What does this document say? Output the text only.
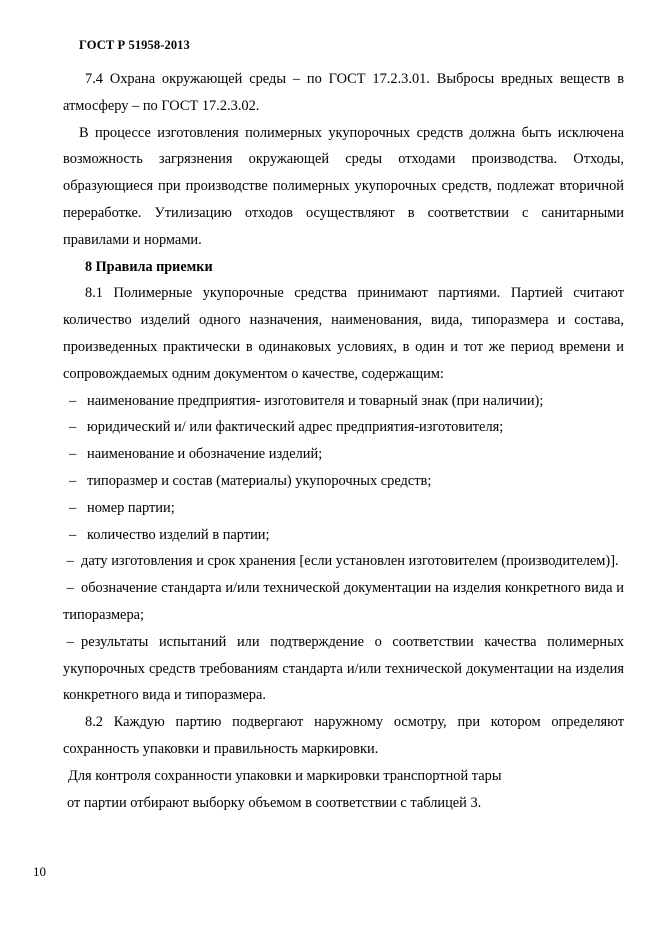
ГОСТ Р 51958-2013

7.4 Охрана окружающей среды – по ГОСТ 17.2.3.01. Выбросы вредных веществ в атмосферу – по ГОСТ 17.2.3.02.

В процессе изготовления полимерных укупорочных средств должна быть исключена возможность загрязнения окружающей среды отходами производства. Отходы, образующиеся при производстве полимерных укупорочных средств, подлежат вторичной переработке. Утилизацию отходов осуществляют в соответствии с санитарными правилами и нормами.

8 Правила приемки

8.1 Полимерные укупорочные средства принимают партиями. Партией считают количество изделий одного назначения, наименования, вида, типоразмера и состава, произведенных практически в одинаковых условиях, в один и тот же период времени и сопровождаемых одним документом о качестве, содержащим:

– наименование предприятия- изготовителя и товарный знак (при наличии);

– юридический и/ или фактический адрес предприятия-изготовителя;

– наименование и обозначение изделий;

– типоразмер и состав (материалы) укупорочных средств;

– номер партии;

– количество изделий в партии;

– дату изготовления и срок хранения [если установлен изготовителем (производителем)].

– обозначение стандарта и/или технической документации на изделия конкретного вида и типоразмера;

– результаты испытаний или подтверждение о соответствии качества полимерных укупорочных средств требованиям стандарта и/или технической документации на изделия конкретного вида и типоразмера.

8.2 Каждую партию подвергают наружному осмотру, при котором определяют сохранность упаковки и правильность маркировки.

Для контроля сохранности упаковки и маркировки транспортной тары

от партии отбирают выборку объемом в соответствии с таблицей 3.

10
